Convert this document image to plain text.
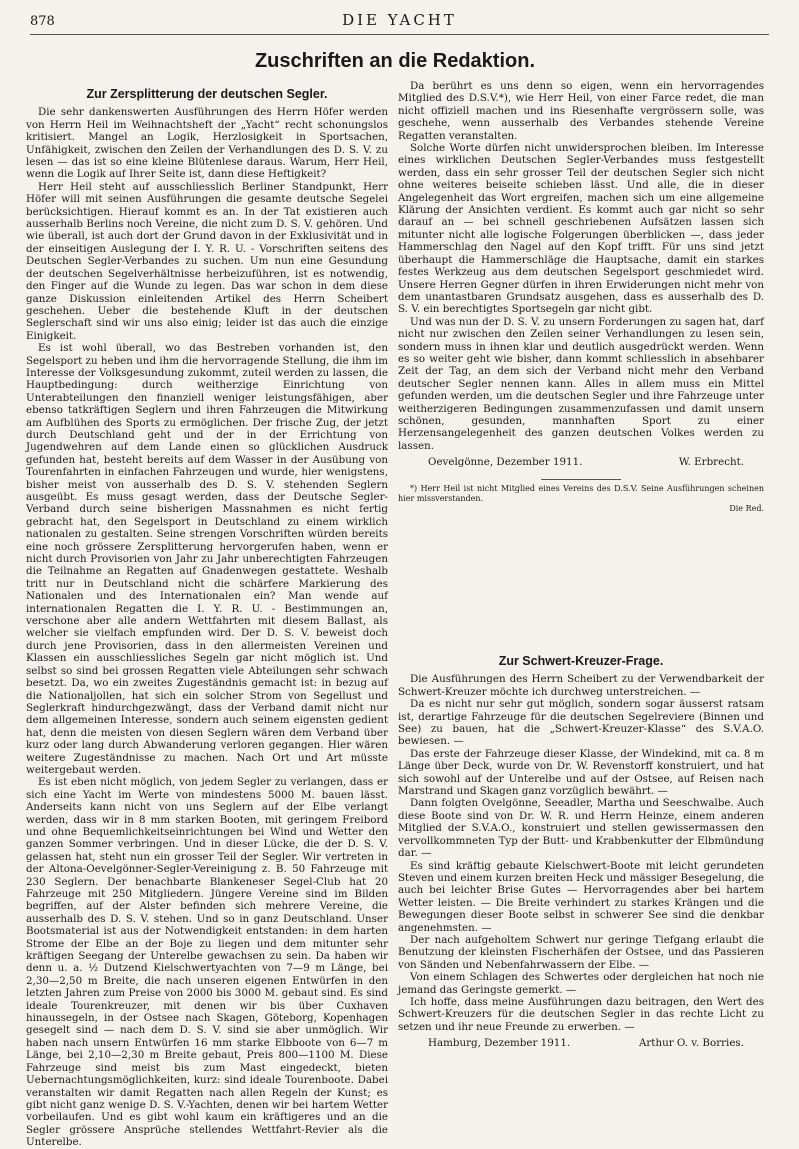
878	DIE YACHT
Zuschriften an die Redaktion.
Zur Zersplitterung der deutschen Segler.

Die sehr dankenswerten Ausführungen des Herrn Höfer werden von Herrn Heil im Weihnachtsheft der „Yacht“ recht schonungslos kritisiert. Mangel an Logik, Herzlosigkeit in Sportsachen, Unfähigkeit, zwischen den Zeilen der Verhandlungen des D. S. V. zu lesen — das ist so eine kleine Blütenlese daraus. Warum, Herr Heil, wenn die Logik auf Ihrer Seite ist, dann diese Heftigkeit?

Herr Heil steht auf ausschliesslich Berliner Standpunkt, Herr Höfer will mit seinen Ausführungen die gesamte deutsche Segelei berücksichtigen. Hierauf kommt es an. In der Tat existieren auch ausserhalb Berlins noch Vereine, die nicht zum D. S. V. gehören. Und wie überall, ist auch dort der Grund davon in der Exklusivität und in der einseitigen Auslegung der I. Y. R. U. - Vorschriften seitens des Deutschen Segler-Verbandes zu suchen. Um nun eine Gesundung der deutschen Segelverhältnisse herbeizuführen, ist es notwendig, den Finger auf die Wunde zu legen. Das war schon in dem diese ganze Diskussion einleitenden Artikel des Herrn Scheibert geschehen. Ueber die bestehende Kluft in der deutschen Seglerschaft sind wir uns also einig; leider ist das auch die einzige Einigkeit.

Es ist wohl überall, wo das Bestreben vorhanden ist, den Segelsport zu heben und ihm die hervorragende Stellung, die ihm im Interesse der Volksgesundung zukommt, zuteil werden zu lassen, die Hauptbedingung: durch weitherzige Einrichtung von Unterabteilungen den finanziell weniger leistungsfähigen, aber ebenso tatkräftigen Seglern und ihren Fahrzeugen die Mitwirkung am Aufblühen des Sports zu ermöglichen. Der frische Zug, der jetzt durch Deutschland geht und der in der Errichtung von Jugendwehren auf dem Lande einen so glücklichen Ausdruck gefunden hat, besteht bereits auf dem Wasser in der Ausübung von Tourenfahrten in einfachen Fahrzeugen und wurde, hier wenigstens, bisher meist von ausserhalb des D. S. V. stehenden Seglern ausgeübt. Es muss gesagt werden, dass der Deutsche Segler-Verband durch seine bisherigen Massnahmen es nicht fertig gebracht hat, den Segelsport in Deutschland zu einem wirklich nationalen zu gestalten. Seine strengen Vorschriften würden bereits eine noch grössere Zersplitterung hervorgerufen haben, wenn er nicht durch Provisorien von Jahr zu Jahr unberechtigten Fahrzeugen die Teilnahme an Regatten auf Gnadenwegen gestattete. Weshalb tritt nur in Deutschland nicht die schärfere Markierung des Nationalen und des Internationalen ein? Man wende auf internationalen Regatten die I. Y. R. U. - Bestimmungen an, verschone aber alle andern Wettfahrten mit diesem Ballast, als welcher sie vielfach empfunden wird. Der D. S. V. beweist doch durch jene Provisorien, dass in den allermeisten Vereinen und Klassen ein ausschliessliches Segeln gar nicht möglich ist. Und selbst so sind bei grossen Regatten viele Abteilungen sehr schwach besetzt. Da, wo ein zweites Zugeständnis gemacht ist: in bezug auf die Nationaljollen, hat sich ein solcher Strom von Segellust und Seglerkraft hindurchgezwängt, dass der Verband damit nicht nur dem allgemeinen Interesse, sondern auch seinem eigensten gedient hat, denn die meisten von diesen Seglern wären dem Verband über kurz oder lang durch Abwanderung verloren gegangen. Hier wären weitere Zugeständnisse zu machen. Nach Ort und Art müsste weitergebaut werden.

Es ist eben nicht möglich, von jedem Segler zu verlangen, dass er sich eine Yacht im Werte von mindestens 5000 M. bauen lässt. Anderseits kann nicht von uns Seglern auf der Elbe verlangt werden, dass wir in 8 mm starken Booten, mit geringem Freibord und ohne Bequemlichkeitseinrichtungen bei Wind und Wetter den ganzen Sommer verbringen. Und in dieser Lücke, die der D. S. V. gelassen hat, steht nun ein grosser Teil der Segler. Wir vertreten in der Altona-Oevelgönner-Segler-Vereinigung z. B. 50 Fahrzeuge mit 230 Seglern. Der benachbarte Blankeneser Segel-Club hat 20 Fahrzeuge mit 250 Mitgliedern. Jüngere Vereine sind im Bilden begriffen, auf der Alster befinden sich mehrere Vereine, die ausserhalb des D. S. V. stehen. Und so in ganz Deutschland. Unser Bootsmaterial ist aus der Notwendigkeit entstanden: in dem harten Strome der Elbe an der Boje zu liegen und dem mitunter sehr kräftigen Seegang der Unterelbe gewachsen zu sein. Da haben wir denn u. a. ½ Dutzend Kielschwertyachten von 7—9 m Länge, bei 2,30—2,50 m Breite, die nach unseren eigenen Entwürfen in den letzten Jahren zum Preise von 2000 bis 3000 M. gebaut sind. Es sind ideale Tourenkreuzer, mit denen wir bis über Cuxhaven hinaussegeln, in der Ostsee nach Skagen, Göteborg, Kopenhagen gesegelt sind — nach dem D. S. V. sind sie aber unmöglich. Wir haben nach unsern Entwürfen 16 mm starke Elbboote von 6—7 m Länge, bei 2,10—2,30 m Breite gebaut, Preis 800—1100 M. Diese Fahrzeuge sind meist bis zum Mast eingedeckt, bieten Uebernachtungsmöglichkeiten, kurz: sind ideale Tourenboote. Dabei veranstalten wir damit Regatten nach allen Regeln der Kunst; es gibt nicht ganz wenige D. S. V.-Yachten, denen wir bei hartem Wetter vorbeilaufen. Und es gibt wohl kaum ein kräftigeres und an die Segler grössere Ansprüche stellendes Wettfahrt-Revier als die Unterelbe.

Da berührt es uns denn so eigen, wenn ein hervorragendes Mitglied des D.S.V.*), wie Herr Heil, von einer Farce redet, die man nicht offiziell machen und ins Riesenhafte vergrössern solle, was geschehe, wenn ausserhalb des Verbandes stehende Vereine Regatten veranstalten.

Solche Worte dürfen nicht unwidersprochen bleiben. Im Interesse eines wirklichen Deutschen Segler-Verbandes muss festgestellt werden, dass ein sehr grosser Teil der deutschen Segler sich nicht ohne weiteres beiseite schieben lässt. Und alle, die in dieser Angelegenheit das Wort ergreifen, machen sich um eine allgemeine Klärung der Ansichten verdient. Es kommt auch gar nicht so sehr darauf an — bei schnell geschriebenen Aufsätzen lassen sich mitunter nicht alle logische Folgerungen überblicken —, dass jeder Hammerschlag den Nagel auf den Kopf trifft. Für uns sind jetzt überhaupt die Hammerschläge die Hauptsache, damit ein starkes festes Werkzeug aus dem deutschen Segelsport geschmiedet wird. Unsere Herren Gegner dürfen in ihren Erwiderungen nicht mehr von dem unantastbaren Grundsatz ausgehen, dass es ausserhalb des D. S. V. ein berechtigtes Sportsegeln gar nicht gibt.

Und was nun der D. S. V. zu unsern Forderungen zu sagen hat, darf nicht nur zwischen den Zeilen seiner Verhandlungen zu lesen sein, sondern muss in ihnen klar und deutlich ausgedrückt werden. Wenn es so weiter geht wie bisher, dann kommt schliesslich in absehbarer Zeit der Tag, an dem sich der Verband nicht mehr den Verband deutscher Segler nennen kann. Alles in allem muss ein Mittel gefunden werden, um die deutschen Segler und ihre Fahrzeuge unter weitherzigeren Bedingungen zusammenzufassen und damit unsern schönen, gesunden, mannhaften Sport zu einer Herzensangelegenheit des ganzen deutschen Volkes werden zu lassen.

Oevelgönne, Dezember 1911.	W. Erbrecht.
*) Herr Heil ist nicht Mitglied eines Vereins des D.S.V. Seine Ausführungen scheinen hier missverstanden.
Die Red.
Zur Schwert-Kreuzer-Frage.

Die Ausführungen des Herrn Scheibert zu der Verwendbarkeit der Schwert-Kreuzer möchte ich durchweg unterstreichen. —

Da es nicht nur sehr gut möglich, sondern sogar äusserst ratsam ist, derartige Fahrzeuge für die deutschen Segelreviere (Binnen und See) zu bauen, hat die „Schwert-Kreuzer-Klasse“ des S.V.A.O. bewiesen. —

Das erste der Fahrzeuge dieser Klasse, der Windekind, mit ca. 8 m Länge über Deck, wurde von Dr. W. Revenstorff konstruiert, und hat sich sowohl auf der Unterelbe und auf der Ostsee, auf Reisen nach Marstrand und Skagen ganz vorzüglich bewährt. —

Dann folgten Ovelgönne, Seeadler, Martha und Seeschwalbe. Auch diese Boote sind von Dr. W. R. und Herrn Heinze, einem anderen Mitglied der S.V.A.O., konstruiert und stellen gewissermassen den vervollkommneten Typ der Butt- und Krabbenkutter der Elbmündung dar. —

Es sind kräftig gebaute Kielschwert-Boote mit leicht gerundeten Steven und einem kurzen breiten Heck und mässiger Besegelung, die auch bei leichter Brise Gutes — Hervorragendes aber bei hartem Wetter leisten. — Die Breite verhindert zu starkes Krängen und die Bewegungen dieser Boote selbst in schwerer See sind die denkbar angenehmsten. —

Der nach aufgeholtem Schwert nur geringe Tiefgang erlaubt die Benutzung der kleinsten Fischerhäfen der Ostsee, und das Passieren von Sänden und Nebenfahrwassern der Elbe. —

Von einem Schlagen des Schwertes oder dergleichen hat noch nie jemand das Geringste gemerkt. —

Ich hoffe, dass meine Ausführungen dazu beitragen, den Wert des Schwert-Kreuzers für die deutschen Segler in das rechte Licht zu setzen und ihr neue Freunde zu erwerben. —

Hamburg, Dezember 1911.	Arthur O. v. Borries.
